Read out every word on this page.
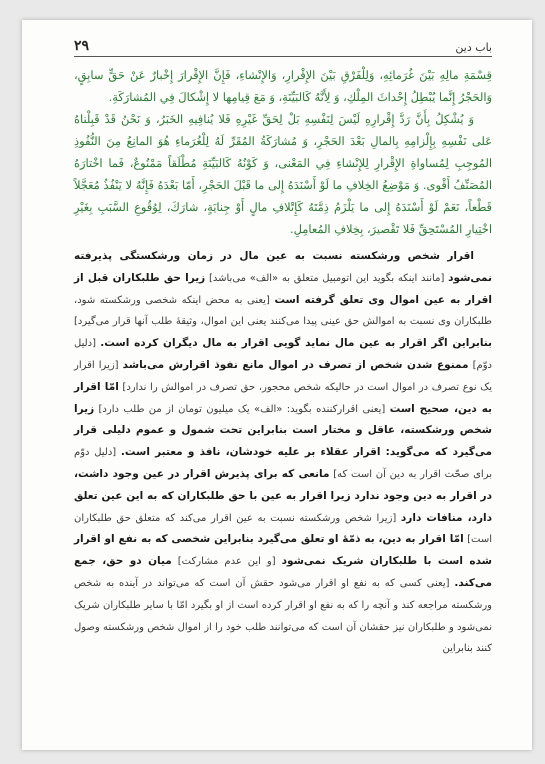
۲۹	باب دین

قِسْمَةِ مالِهِ بَيْنَ غُرَمائِهِ، وَلِلْفَرْقِ بَيْنَ الإِقْرارِ، وَالإِنْشاءِ، فَإِنَّ الإِقْرارَ إِخْبارٌ عَنْ حَقٍّ سابِقٍ، وَالحَجْرُ إِنَّما يُبْطِلُ إِحْداثَ المِلْكِ، وَ لِأَنَّهُ كَالبَيِّنَةِ، وَ مَعَ قِيامِها لا إِشْكالَ فِي المُشارَكَةِ.

وَ يُشْكِلُ بِأَنَّ رَدَّ إِقْرارِهِ لَيْسَ لِنَفْسِهِ بَلْ لِحَقِّ غَيْرِهِ فَلا يُنافِيهِ الخَبَرُ، وَ نَحْنُ قَدْ قَبِلْناهُ عَلى نَفْسِهِ بِإِلْزامِهِ بِالمالِ بَعْدَ الحَجْرِ، وَ مُشارَكَةُ المُقَرِّ لَهُ لِلْغُرَماءِ هُوَ المانِعُ مِنَ النُّفُوذِ المُوجِبِ لِمُساواةِ الإِقْرارِ لِلإِنْشاءِ فِي المَعْنى، وَ كَوْنُهُ كَالبَيِّنَةِ مُطْلَقاً مَمْنُوعٌ، فَما اخْتارَهُ المُصَنِّفُ أَقْوى. وَ مَوْضِعُ الخِلافِ ما لَوْ أَسْنَدَهُ إِلى ما قَبْلَ الحَجْرِ، أَمّا بَعْدَهُ فَإِنَّهُ لا يَنْفُذُ مُعَجَّلاً قَطْعاً، نَعَمْ لَوْ أَسْنَدَهُ إِلى ما يَلْزَمُ ذِمَّتَهُ كَإِتْلافِ مالٍ أَوْ جِنايَةٍ، شارَكَ، لِوُقُوعِ السَّبَبِ بِغَيْرِ اخْتِيارِ المُسْتَحِقِّ فَلا تَقْصيرَ، بِخِلافِ المُعامِلِ.

اقرار شخص ورشکسته نسبت به عین مال در زمان ورشکستگی پذیرفته نمی‌شود [مانند اینکه بگوید این اتومبیل متعلق به «الف» می‌باشد] زیرا حق طلبکاران قبل از اقرار به عین اموال وی تعلق گرفته است [یعنی به محض اینکه شخصی ورشکسته شود، طلبکاران وی نسبت به اموالش حق عینی پیدا می‌کنند یعنی این اموال، وثیقهٔ طلب آنها قرار می‌گیرد] بنابراین اگر اقرار به عین مال نماید گویی اقرار به مال دیگران کرده است. [دلیل دوّم] ممنوع شدن شخص از تصرف در اموال مانع نفوذ اقرارش می‌باشد [زیرا اقرار یک نوع تصرف در اموال است در حالیکه شخص محجور، حق تصرف در اموالش را ندارد] امّا اقرار به دین، صحیح است [یعنی اقرارکننده بگوید: «الف» یک میلیون تومان از من طلب دارد] زیرا شخص ورشکسته، عاقل و مختار است بنابراین تحت شمول و عموم دلیلی قرار می‌گیرد که می‌گوید: اقرار عقلاء بر علیه خودشان، نافذ و معتبر است. [دلیل دوّم برای صحّت اقرار به دین آن است که] مانعی که برای پذیرش اقرار در عین وجود داشت، در اقرار به دین وجود ندارد زیرا اقرار به عین با حق طلبکاران که به این عین تعلق دارد، منافات دارد [زیرا شخص ورشکسته نسبت به عین اقرار می‌کند که متعلق حق طلبکاران است] امّا اقرار به دین، به ذمّهٔ او تعلق می‌گیرد بنابراین شخصی که به نفع او اقرار شده است با طلبکاران شریک نمی‌شود [و این عدم مشارکت] میان دو حق، جمع می‌کند. [یعنی کسی که به نفع او اقرار می‌شود حقش آن است که می‌تواند در آینده به شخص ورشکسته مراجعه کند و آنچه را که به نفع او اقرار کرده است از او بگیرد امّا با سایر طلبکاران شریک نمی‌شود و طلبکاران نیز حقشان آن است که می‌توانند طلب خود را از اموال شخص ورشکسته وصول کنند بنابراین
